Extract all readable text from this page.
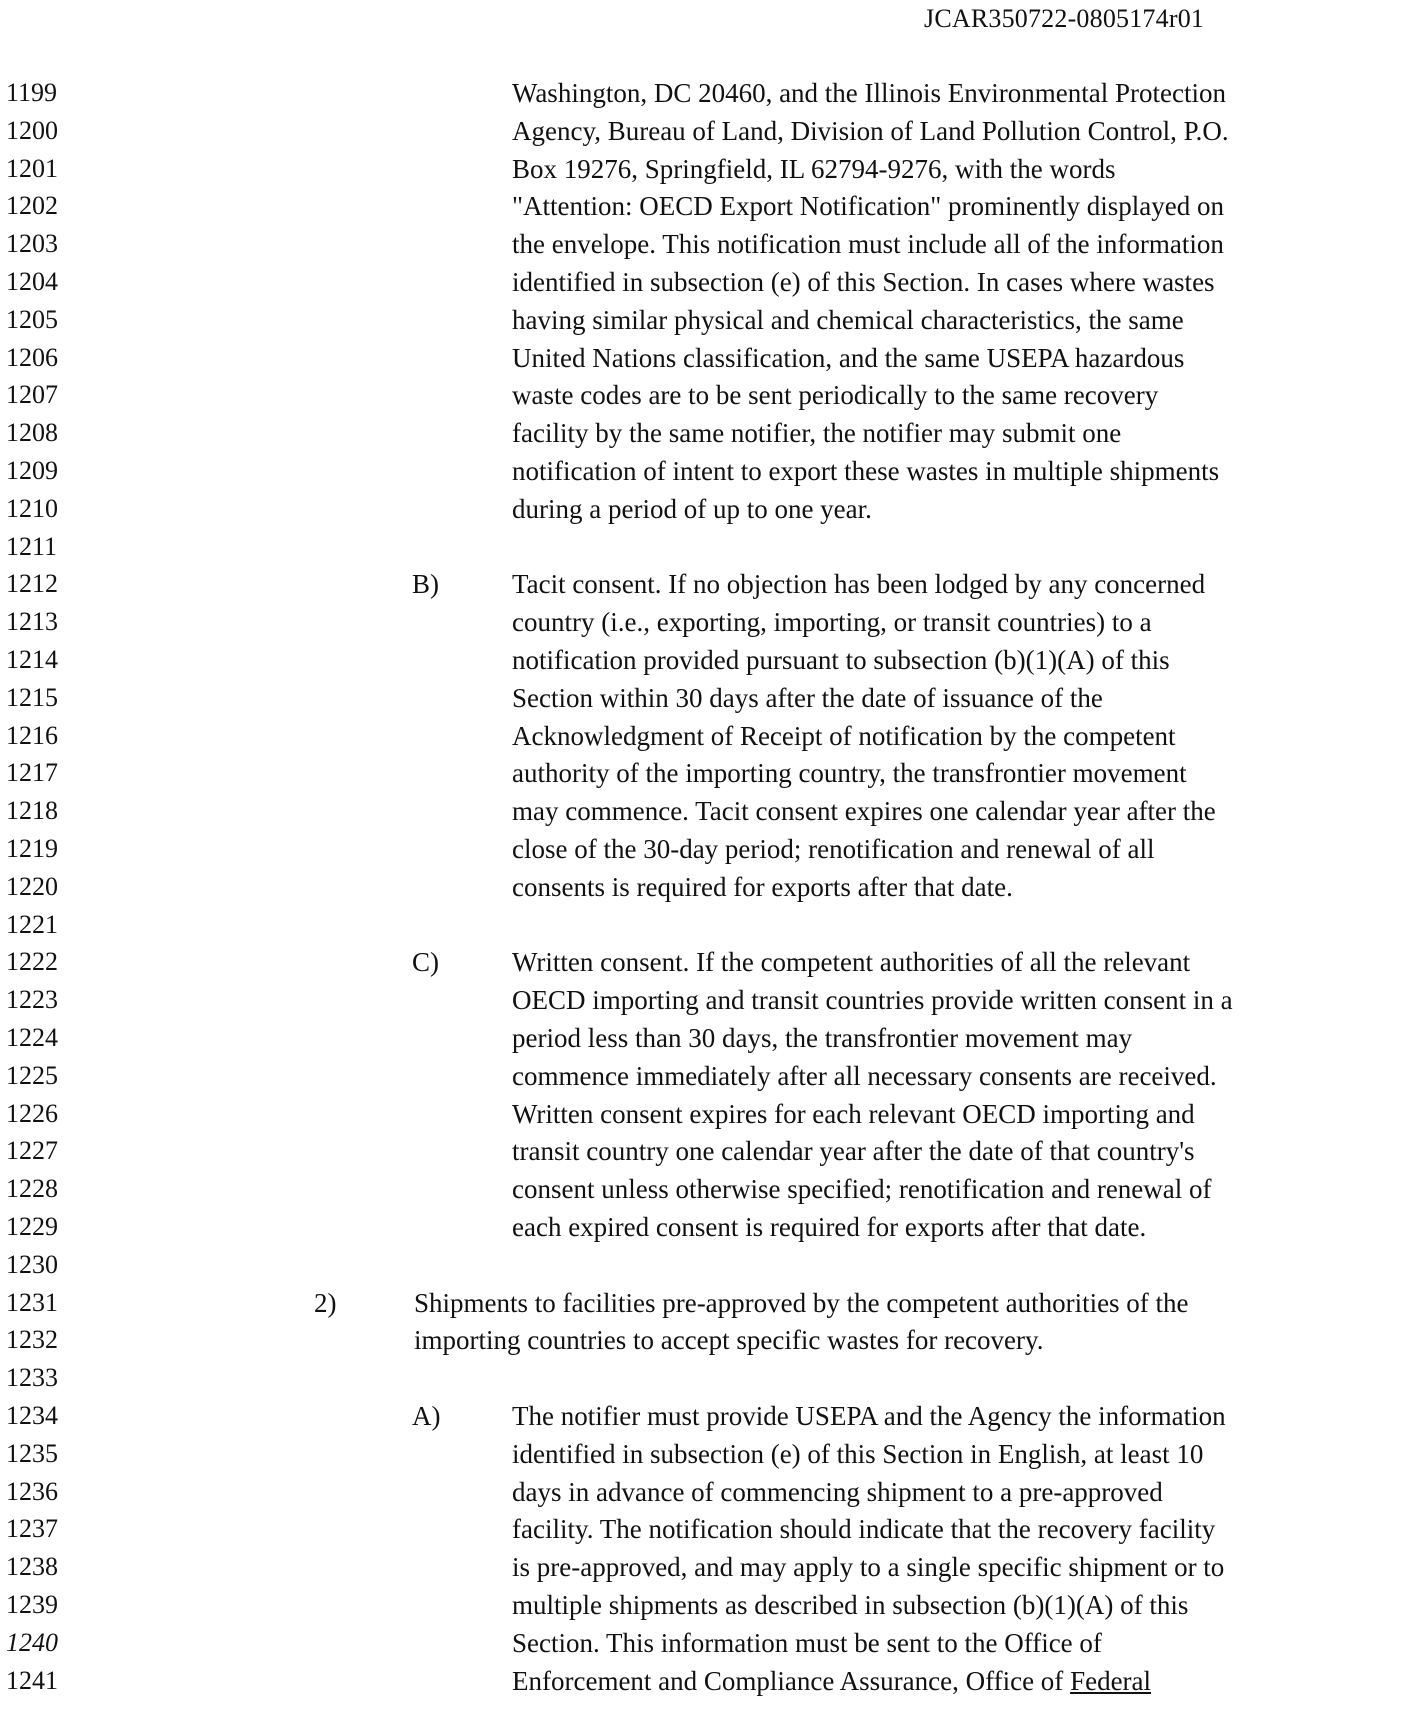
JCAR350722-0805174r01
1199
1200
1201
1202
1203
1204
1205
1206
1207
1208
1209
1210
1211
1212
1213
1214
1215
1216
1217
1218
1219
1220
1221
1222
1223
1224
1225
1226
1227
1228
1229
1230
1231
1232
1233
1234
1235
1236
1237
1238
1239
1240
1241
Washington, DC 20460, and the Illinois Environmental Protection
Agency, Bureau of Land, Division of Land Pollution Control, P.O.
Box 19276, Springfield, IL 62794-9276, with the words
"Attention: OECD Export Notification" prominently displayed on
the envelope. This notification must include all of the information
identified in subsection (e) of this Section. In cases where wastes
having similar physical and chemical characteristics, the same
United Nations classification, and the same USEPA hazardous
waste codes are to be sent periodically to the same recovery
facility by the same notifier, the notifier may submit one
notification of intent to export these wastes in multiple shipments
during a period of up to one year.
B)	Tacit consent. If no objection has been lodged by any concerned
country (i.e., exporting, importing, or transit countries) to a
notification provided pursuant to subsection (b)(1)(A) of this
Section within 30 days after the date of issuance of the
Acknowledgment of Receipt of notification by the competent
authority of the importing country, the transfrontier movement
may commence. Tacit consent expires one calendar year after the
close of the 30-day period; renotification and renewal of all
consents is required for exports after that date.
C)	Written consent. If the competent authorities of all the relevant
OECD importing and transit countries provide written consent in a
period less than 30 days, the transfrontier movement may
commence immediately after all necessary consents are received.
Written consent expires for each relevant OECD importing and
transit country one calendar year after the date of that country's
consent unless otherwise specified; renotification and renewal of
each expired consent is required for exports after that date.
2)	Shipments to facilities pre-approved by the competent authorities of the
importing countries to accept specific wastes for recovery.
A)	The notifier must provide USEPA and the Agency the information
identified in subsection (e) of this Section in English, at least 10
days in advance of commencing shipment to a pre-approved
facility. The notification should indicate that the recovery facility
is pre-approved, and may apply to a single specific shipment or to
multiple shipments as described in subsection (b)(1)(A) of this
Section. This information must be sent to the Office of
Enforcement and Compliance Assurance, Office of Federal
